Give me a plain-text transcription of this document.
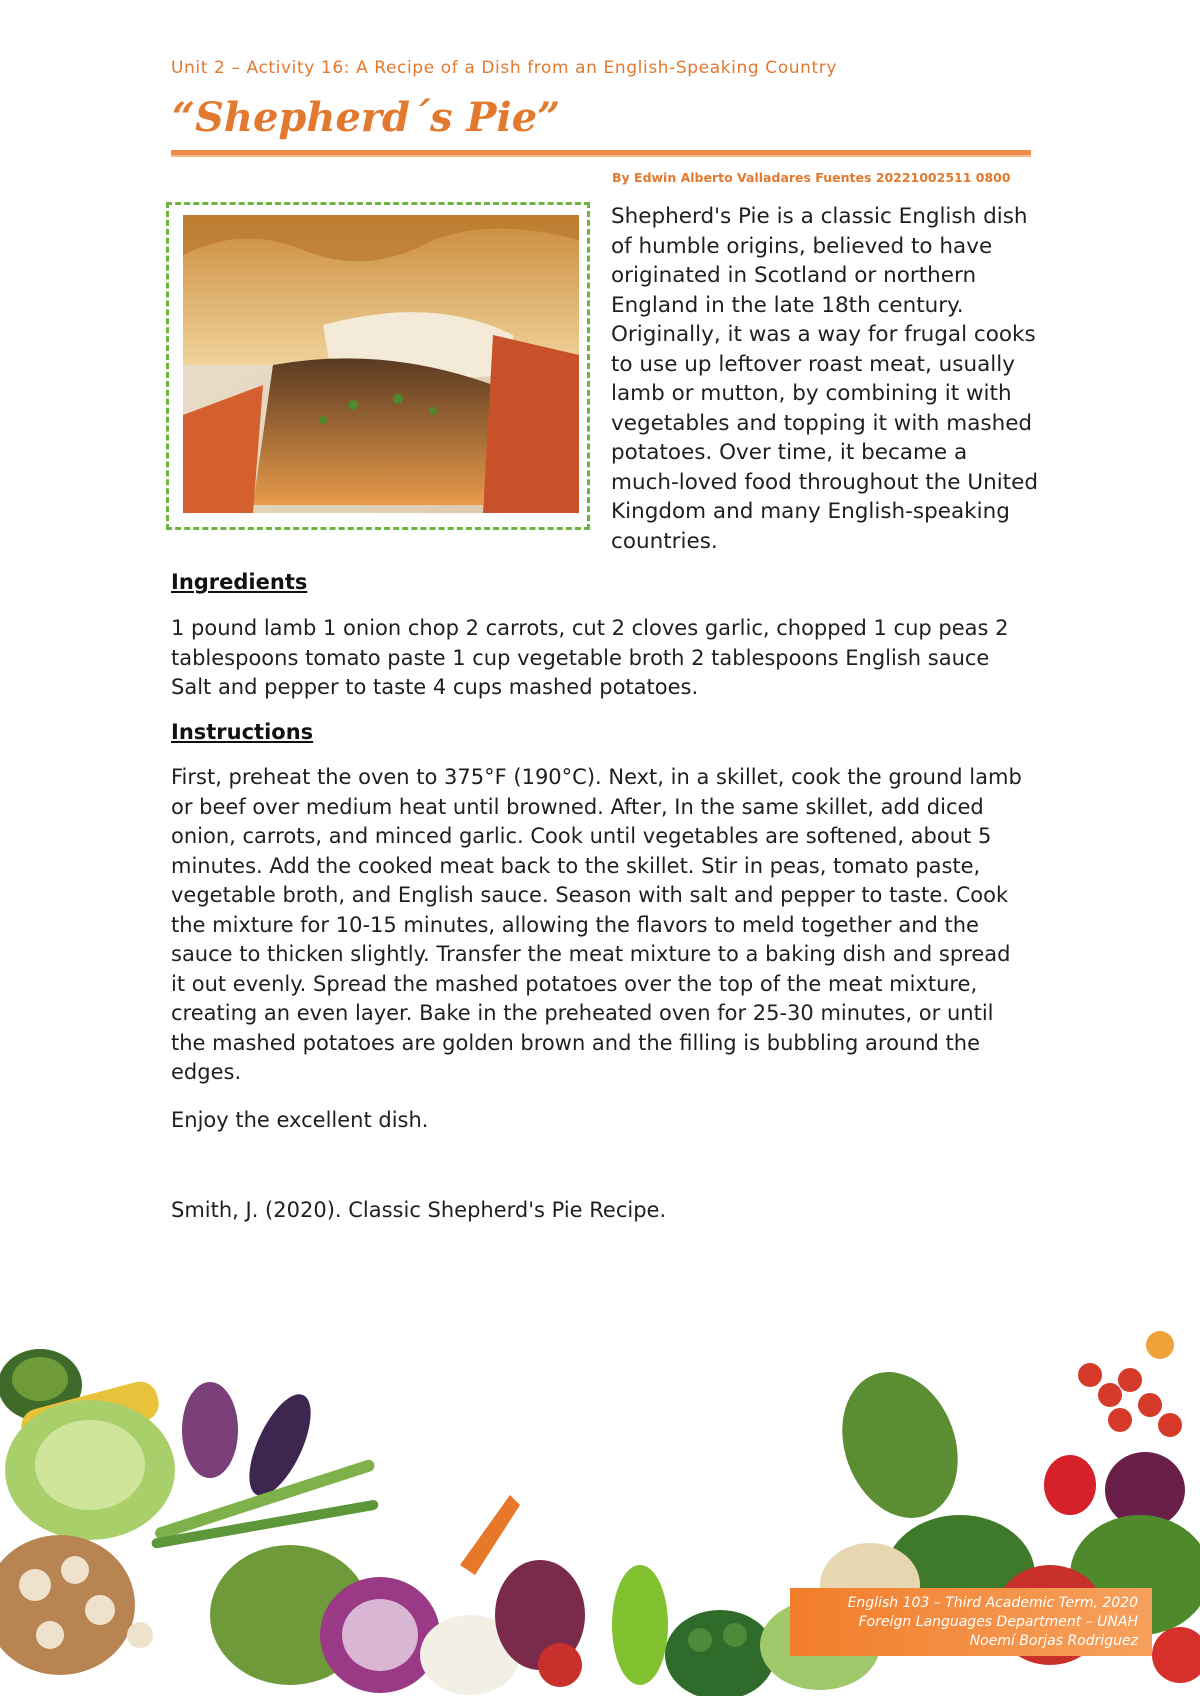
Unit 2 – Activity 16: A Recipe of a Dish from an English-Speaking Country
“Shepherd´s Pie”
By Edwin Alberto Valladares Fuentes 20221002511 0800
Shepherd's Pie is a classic English dish of humble origins, believed to have originated in Scotland or northern England in the late 18th century. Originally, it was a way for frugal cooks to use up leftover roast meat, usually lamb or mutton, by combining it with vegetables and topping it with mashed potatoes. Over time, it became a much-loved food throughout the United Kingdom and many English-speaking countries.
Ingredients
1 pound lamb 1 onion chop 2 carrots, cut 2 cloves garlic, chopped 1 cup peas 2 tablespoons tomato paste 1 cup vegetable broth 2 tablespoons English sauce Salt and pepper to taste 4 cups mashed potatoes.
Instructions
First, preheat the oven to 375°F (190°C). Next, in a skillet, cook the ground lamb or beef over medium heat until browned. After, In the same skillet, add diced onion, carrots, and minced garlic. Cook until vegetables are softened, about 5 minutes. Add the cooked meat back to the skillet. Stir in peas, tomato paste, vegetable broth, and English sauce. Season with salt and pepper to taste. Cook the mixture for 10-15 minutes, allowing the flavors to meld together and the sauce to thicken slightly. Transfer the meat mixture to a baking dish and spread it out evenly. Spread the mashed potatoes over the top of the meat mixture, creating an even layer. Bake in the preheated oven for 25-30 minutes, or until the mashed potatoes are golden brown and the filling is bubbling around the edges.
Enjoy the excellent dish.
Smith, J. (2020). Classic Shepherd's Pie Recipe.
English 103 – Third Academic Term, 2020
Foreign Languages Department – UNAH
Noemí Borjas Rodriguez
